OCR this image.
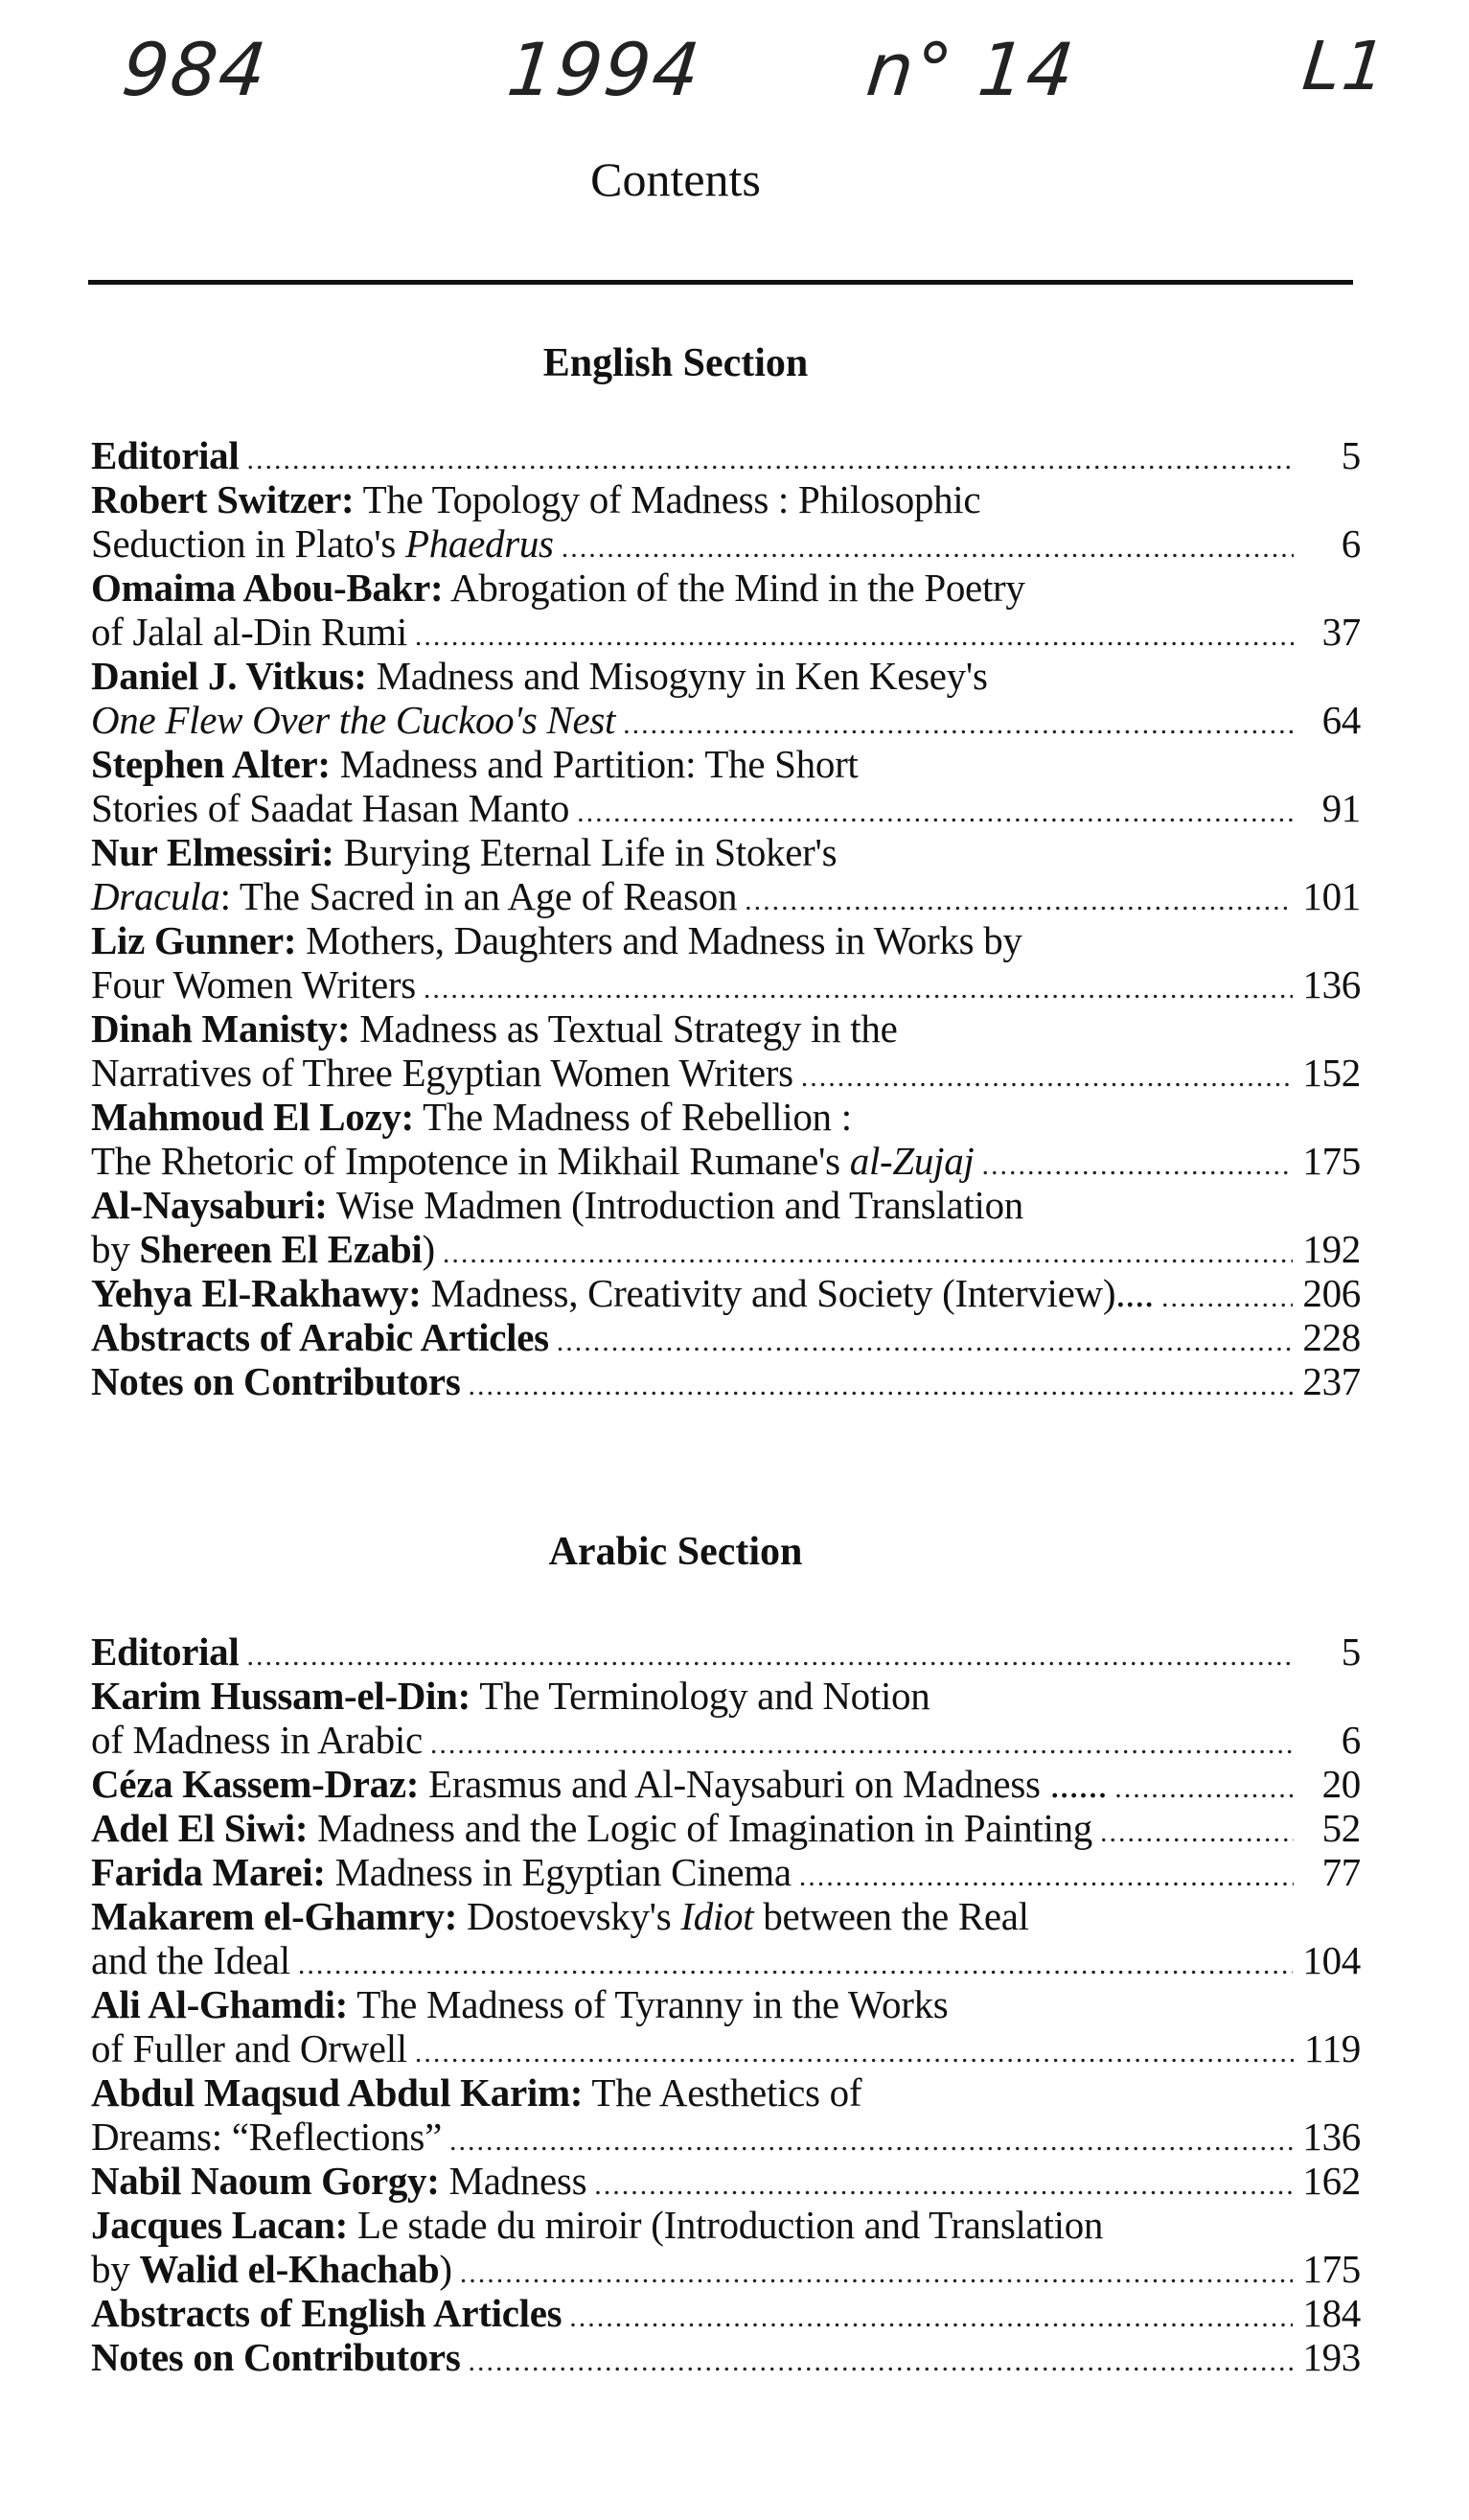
984	1994 n° 14	L1
Contents
English Section
Editorial .....	5
Robert Switzer: The Topology of Madness : Philosophic
Seduction in Plato's Phaedrus .....	6
Omaima Abou-Bakr: Abrogation of the Mind in the Poetry
of Jalal al-Din Rumi .....	37
Daniel J. Vitkus: Madness and Misogyny in Ken Kesey's
One Flew Over the Cuckoo's Nest .....	64
Stephen Alter: Madness and Partition: The Short
Stories of Saadat Hasan Manto .....	91
Nur Elmessiri: Burying Eternal Life in Stoker's
Dracula: The Sacred in an Age of Reason .....	101
Liz Gunner: Mothers, Daughters and Madness in Works by
Four Women Writers .....	136
Dinah Manisty: Madness as Textual Strategy in the
Narratives of Three Egyptian Women Writers .....	152
Mahmoud El Lozy: The Madness of Rebellion :
The Rhetoric of Impotence in Mikhail Rumane's al-Zujaj .....	175
Al-Naysaburi: Wise Madmen (Introduction and Translation
by Shereen El Ezabi) .....	192
Yehya El-Rakhawy: Madness, Creativity and Society (Interview).... .....	206
Abstracts of Arabic Articles .....	228
Notes on Contributors .....	237
Arabic Section
Editorial .....	5
Karim Hussam-el-Din: The Terminology and Notion
of Madness in Arabic .....	6
Céza Kassem-Draz: Erasmus and Al-Naysaburi on Madness ...... .....	20
Adel El Siwi: Madness and the Logic of Imagination in Painting .....	52
Farida Marei: Madness in Egyptian Cinema .....	77
Makarem el-Ghamry: Dostoevsky's Idiot between the Real
and the Ideal .....	104
Ali Al-Ghamdi: The Madness of Tyranny in the Works
of Fuller and Orwell .....	119
Abdul Maqsud Abdul Karim: The Aesthetics of
Dreams: “Reflections” .....	136
Nabil Naoum Gorgy: Madness .....	162
Jacques Lacan: Le stade du miroir (Introduction and Translation
by Walid el-Khachab) .....	175
Abstracts of English Articles .....	184
Notes on Contributors .....	193
